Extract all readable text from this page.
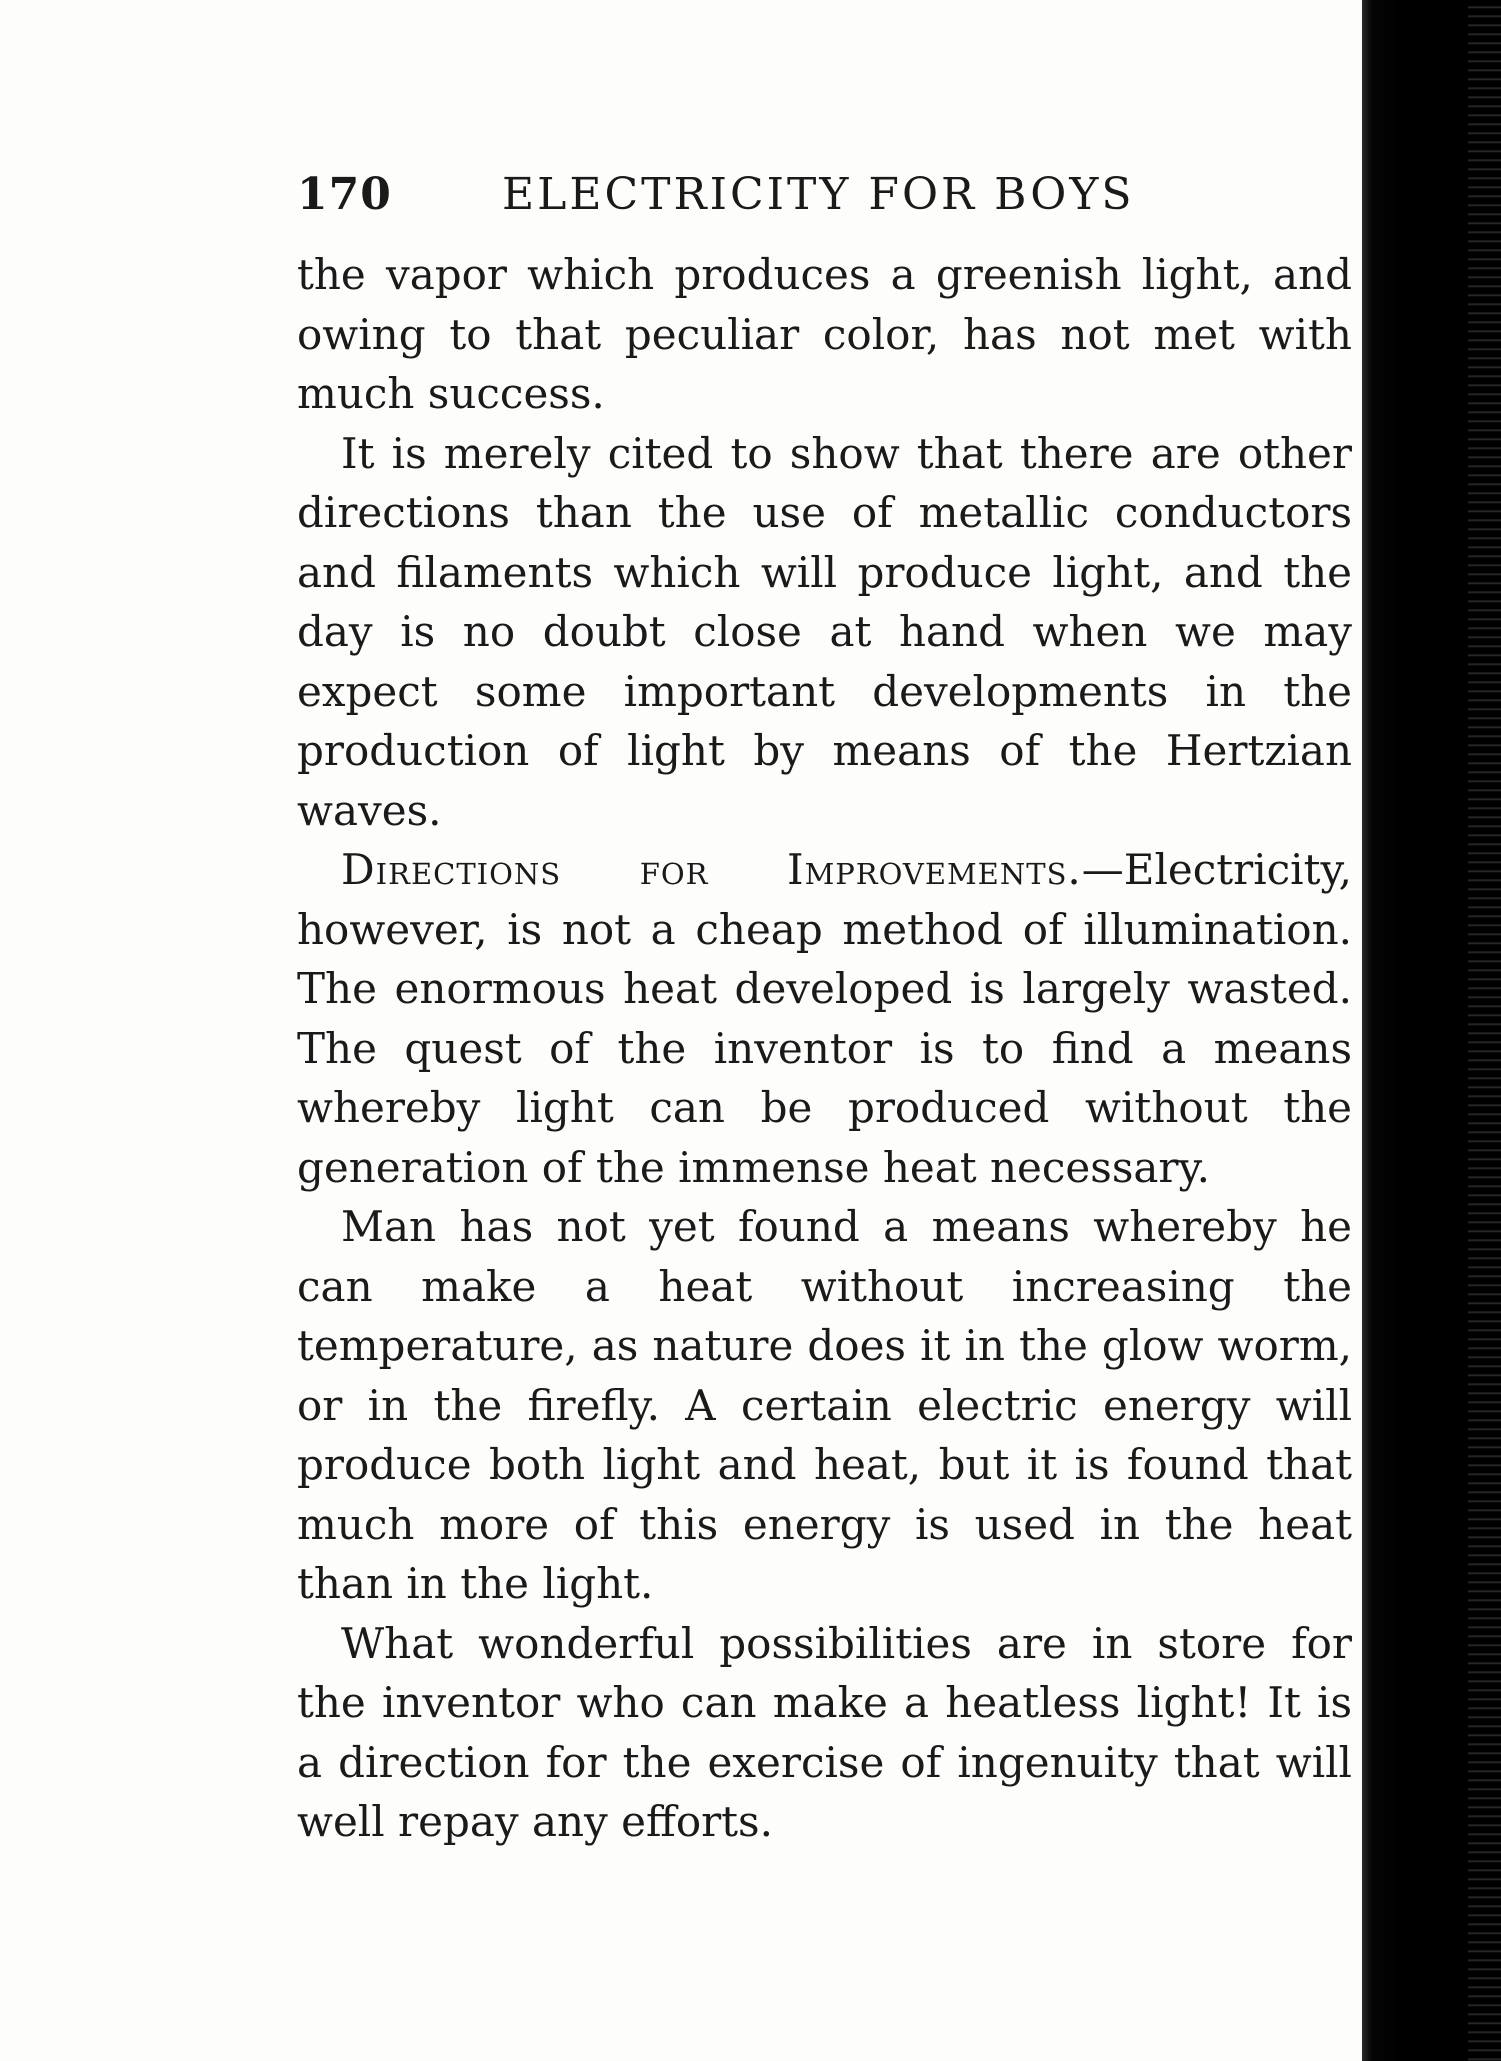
170	ELECTRICITY FOR BOYS

the vapor which produces a greenish light, and owing to that peculiar color, has not met with much success.

It is merely cited to show that there are other directions than the use of metallic conductors and filaments which will produce light, and the day is no doubt close at hand when we may expect some important developments in the production of light by means of the Hertzian waves.

Directions for Improvements.—Electricity, however, is not a cheap method of illumination. The enormous heat developed is largely wasted. The quest of the inventor is to find a means whereby light can be produced without the generation of the immense heat necessary.

Man has not yet found a means whereby he can make a heat without increasing the temperature, as nature does it in the glow worm, or in the firefly. A certain electric energy will produce both light and heat, but it is found that much more of this energy is used in the heat than in the light.

What wonderful possibilities are in store for the inventor who can make a heatless light! It is a direction for the exercise of ingenuity that will well repay any efforts.
